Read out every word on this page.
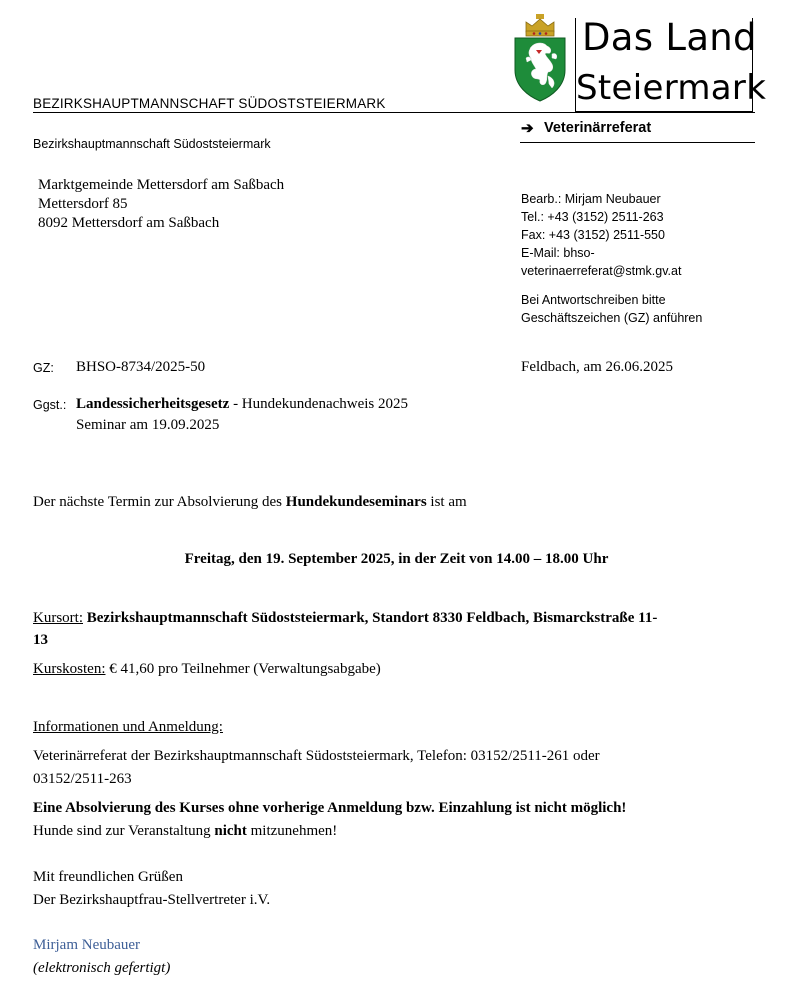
BEZIRKSHAUPTMANNSCHAFT SÜDOSTSTEIERMARK
Das Land
Steiermark
➔ Veterinärreferat
Bezirkshauptmannschaft Südoststeiermark
Marktgemeinde Mettersdorf am Saßbach
Mettersdorf 85
8092 Mettersdorf am Saßbach
Bearb.: Mirjam Neubauer
Tel.: +43 (3152) 2511-263
Fax: +43 (3152) 2511-550
E-Mail: bhso-
veterinaerreferat@stmk.gv.at
Bei Antwortschreiben bitte
Geschäftszeichen (GZ) anführen
GZ: BHSO-8734/2025-50	Feldbach, am 26.06.2025
Ggst.: Landessicherheitsgesetz - Hundekundenachweis 2025
Seminar am 19.09.2025
Der nächste Termin zur Absolvierung des Hundekundeseminars ist am
Freitag, den 19. September 2025, in der Zeit von 14.00 – 18.00 Uhr
Kursort: Bezirkshauptmannschaft Südoststeiermark, Standort 8330 Feldbach, Bismarckstraße 11-
13
Kurskosten: € 41,60 pro Teilnehmer (Verwaltungsabgabe)
Informationen und Anmeldung:
Veterinärreferat der Bezirkshauptmannschaft Südoststeiermark, Telefon: 03152/2511-261 oder
03152/2511-263
Eine Absolvierung des Kurses ohne vorherige Anmeldung bzw. Einzahlung ist nicht möglich!
Hunde sind zur Veranstaltung nicht mitzunehmen!
Mit freundlichen Grüßen
Der Bezirkshauptfrau-Stellvertreter i.V.
Mirjam Neubauer
(elektronisch gefertigt)
